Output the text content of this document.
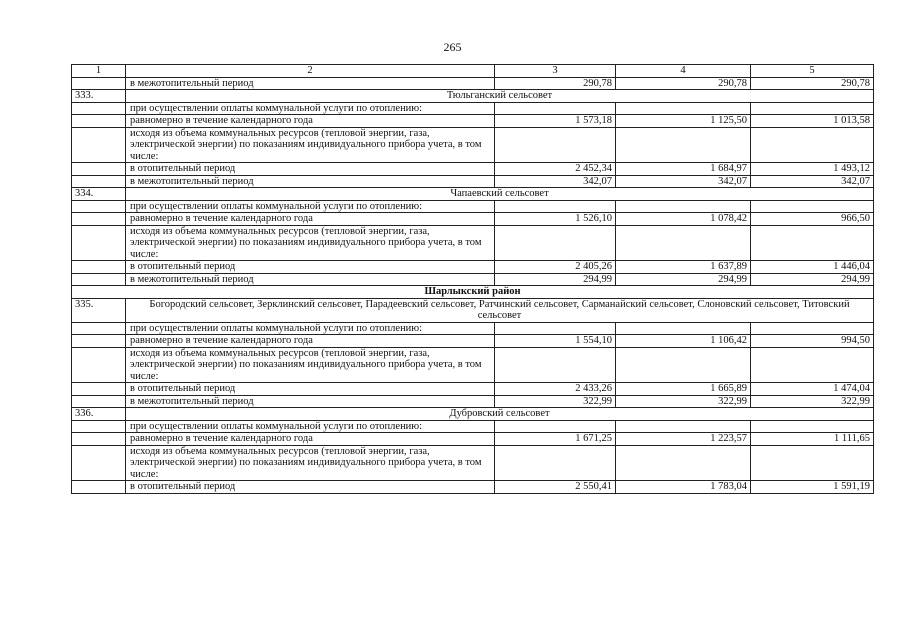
265
1	2	3	4	5
	в межотопительный период	290,78	290,78	290,78
333.	Тюльганский сельсовет			
	при осуществлении оплаты коммунальной услуги по отоплению:			
	равномерно в течение календарного года	1 573,18	1 125,50	1 013,58
	исходя из объема коммунальных ресурсов (тепловой энергии, газа, электрической энергии) по показаниям индивидуального прибора учета, в том числе:			
	в отопительный период	2 452,34	1 684,97	1 493,12
	в межотопительный период	342,07	342,07	342,07
334.	Чапаевский сельсовет			
	при осуществлении оплаты коммунальной услуги по отоплению:			
	равномерно в течение календарного года	1 526,10	1 078,42	966,50
	исходя из объема коммунальных ресурсов (тепловой энергии, газа, электрической энергии) по показаниям индивидуального прибора учета, в том числе:			
	в отопительный период	2 405,26	1 637,89	1 446,04
	в межотопительный период	294,99	294,99	294,99
Шарлыкский район				
335.	Богородский сельсовет, Зерклинский сельсовет, Парадеевский сельсовет, Ратчинский сельсовет, Сарманайский сельсовет, Слоновский сельсовет, Титовский сельсовет			
	при осуществлении оплаты коммунальной услуги по отоплению:			
	равномерно в течение календарного года	1 554,10	1 106,42	994,50
	исходя из объема коммунальных ресурсов (тепловой энергии, газа, электрической энергии) по показаниям индивидуального прибора учета, в том числе:			
	в отопительный период	2 433,26	1 665,89	1 474,04
	в межотопительный период	322,99	322,99	322,99
336.	Дубровский сельсовет			
	при осуществлении оплаты коммунальной услуги по отоплению:			
	равномерно в течение календарного года	1 671,25	1 223,57	1 111,65
	исходя из объема коммунальных ресурсов (тепловой энергии, газа, электрической энергии) по показаниям индивидуального прибора учета, в том числе:			
	в отопительный период	2 550,41	1 783,04	1 591,19
